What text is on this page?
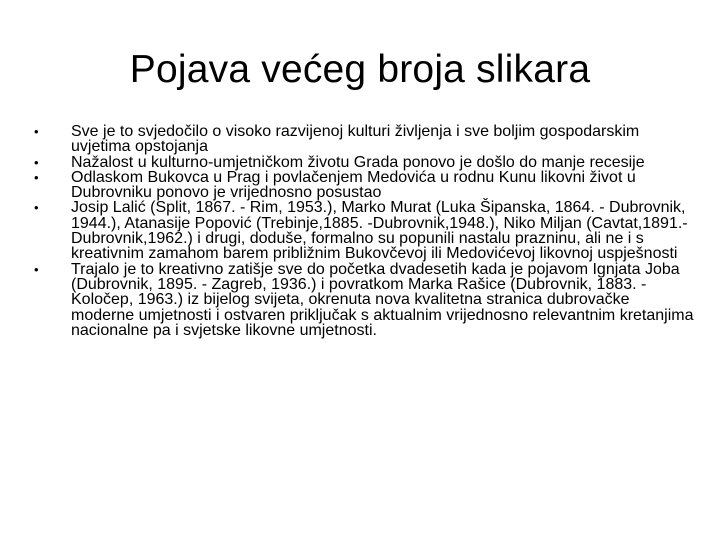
Pojava većeg broja slikara
• Sve je to svjedočilo o visoko razvijenoj kulturi življenja i sve boljim gospodarskim uvjetima opstojanja
• Nažalost u kulturno-umjetničkom životu Grada ponovo je došlo do manje recesije
• Odlaskom Bukovca u Prag i povlačenjem Medovića u rodnu Kunu likovni život u Dubrovniku ponovo je vrijednosno posustao
• Josip Lalić (Split, 1867. - Rim, 1953.), Marko Murat (Luka Šipanska, 1864. - Dubrovnik, 1944.), Atanasije Popović (Trebinje,1885. -Dubrovnik,1948.), Niko Miljan (Cavtat,1891.-Dubrovnik,1962.) i drugi, doduše, formalno su popunili nastalu prazninu, ali ne i s kreativnim zamahom barem približnim Bukovčevoj ili Medovićevoj likovnoj uspješnosti
• Trajalo je to kreativno zatišje sve do početka dvadesetih kada je pojavom Ignjata Joba (Dubrovnik, 1895. - Zagreb, 1936.) i povratkom Marka Rašice (Dubrovnik, 1883. - Koločep, 1963.) iz bijelog svijeta, okrenuta nova kvalitetna stranica dubrovačke moderne umjetnosti i ostvaren priključak s aktualnim vrijednosno relevantnim kretanjima nacionalne pa i svjetske likovne umjetnosti.
